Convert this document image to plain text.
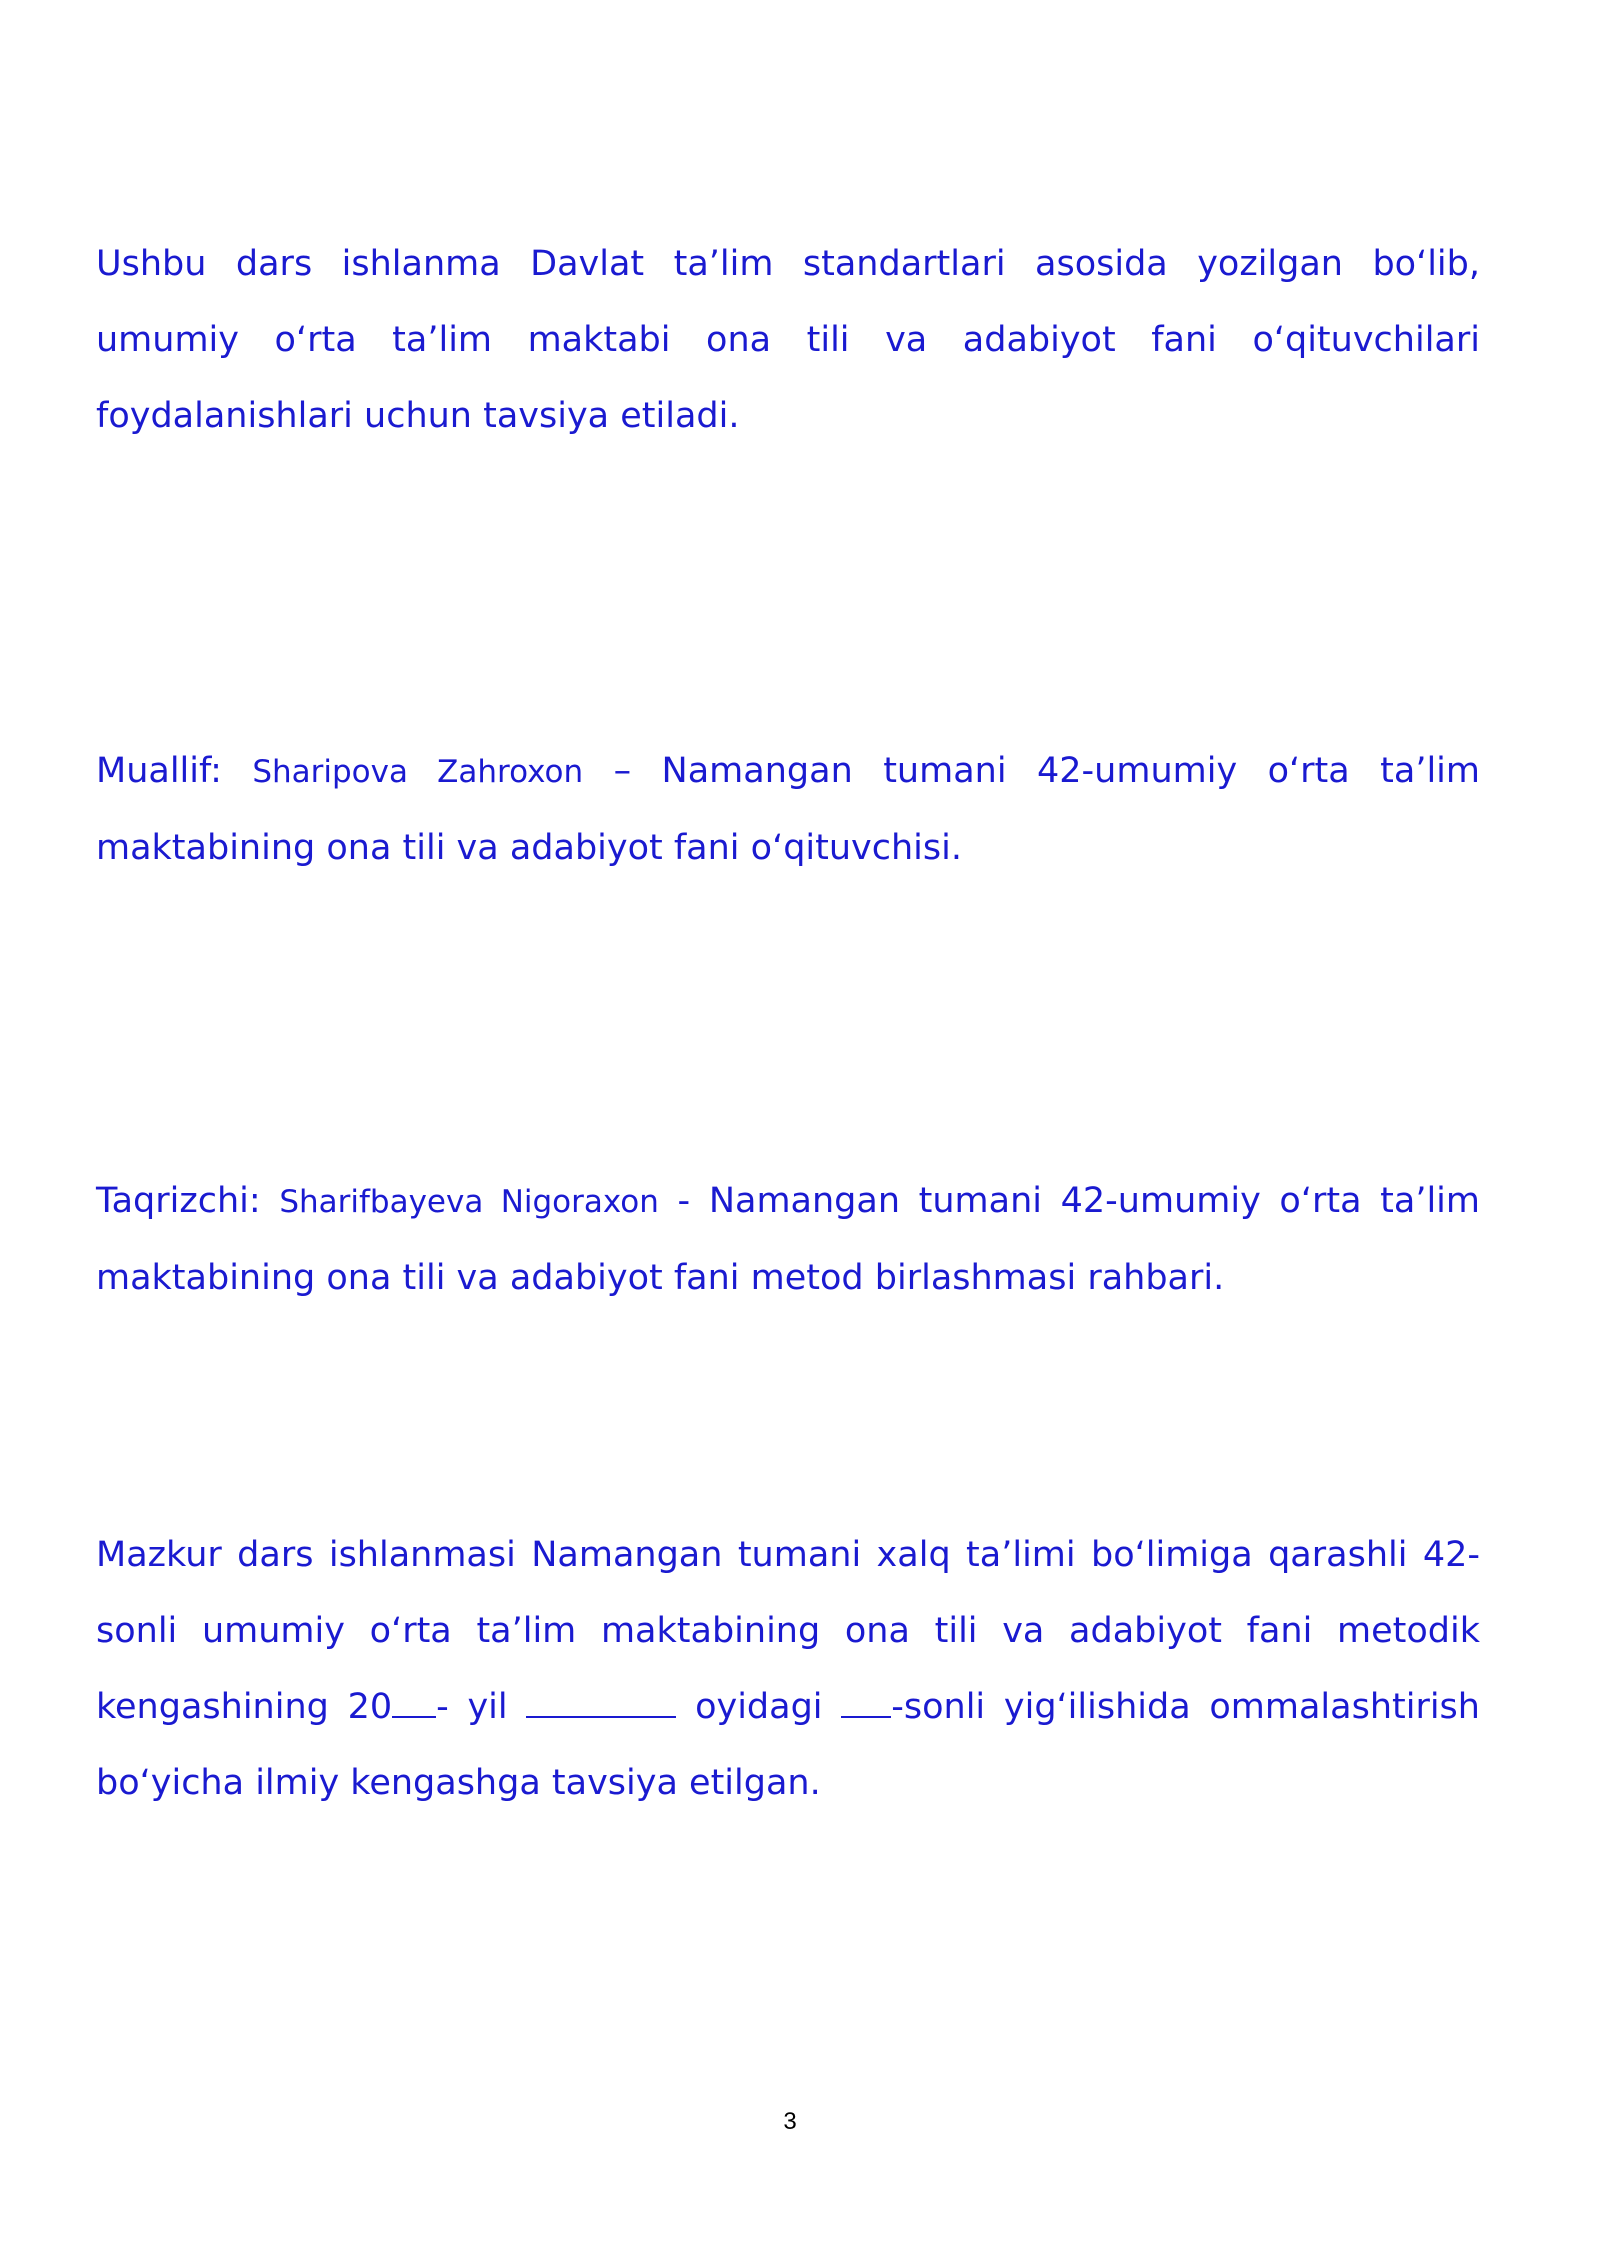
Ushbu dars ishlanma Davlat ta’lim standartlari asosida yozilgan bo‘lib, umumiy o‘rta ta’lim maktabi ona tili va adabiyot fani o‘qituvchilari foydalanishlari uchun tavsiya etiladi.

Muallif: Sharipova Zahroxon – Namangan tumani 42-umumiy o‘rta ta’lim maktabining ona tili va adabiyot fani o‘qituvchisi.

Taqrizchi: Sharifbayeva Nigoraxon - Namangan tumani 42-umumiy o‘rta ta’lim maktabining ona tili va adabiyot fani metod birlashmasi rahbari.

Mazkur dars ishlanmasi Namangan tumani xalq ta’limi bo‘limiga qarashli 42-sonli umumiy o‘rta ta’lim maktabining ona tili va adabiyot fani metodik kengashining 20 - yil	oyidagi -sonli yig‘ilishida ommalashtirish bo‘yicha ilmiy kengashga tavsiya etilgan.

3
